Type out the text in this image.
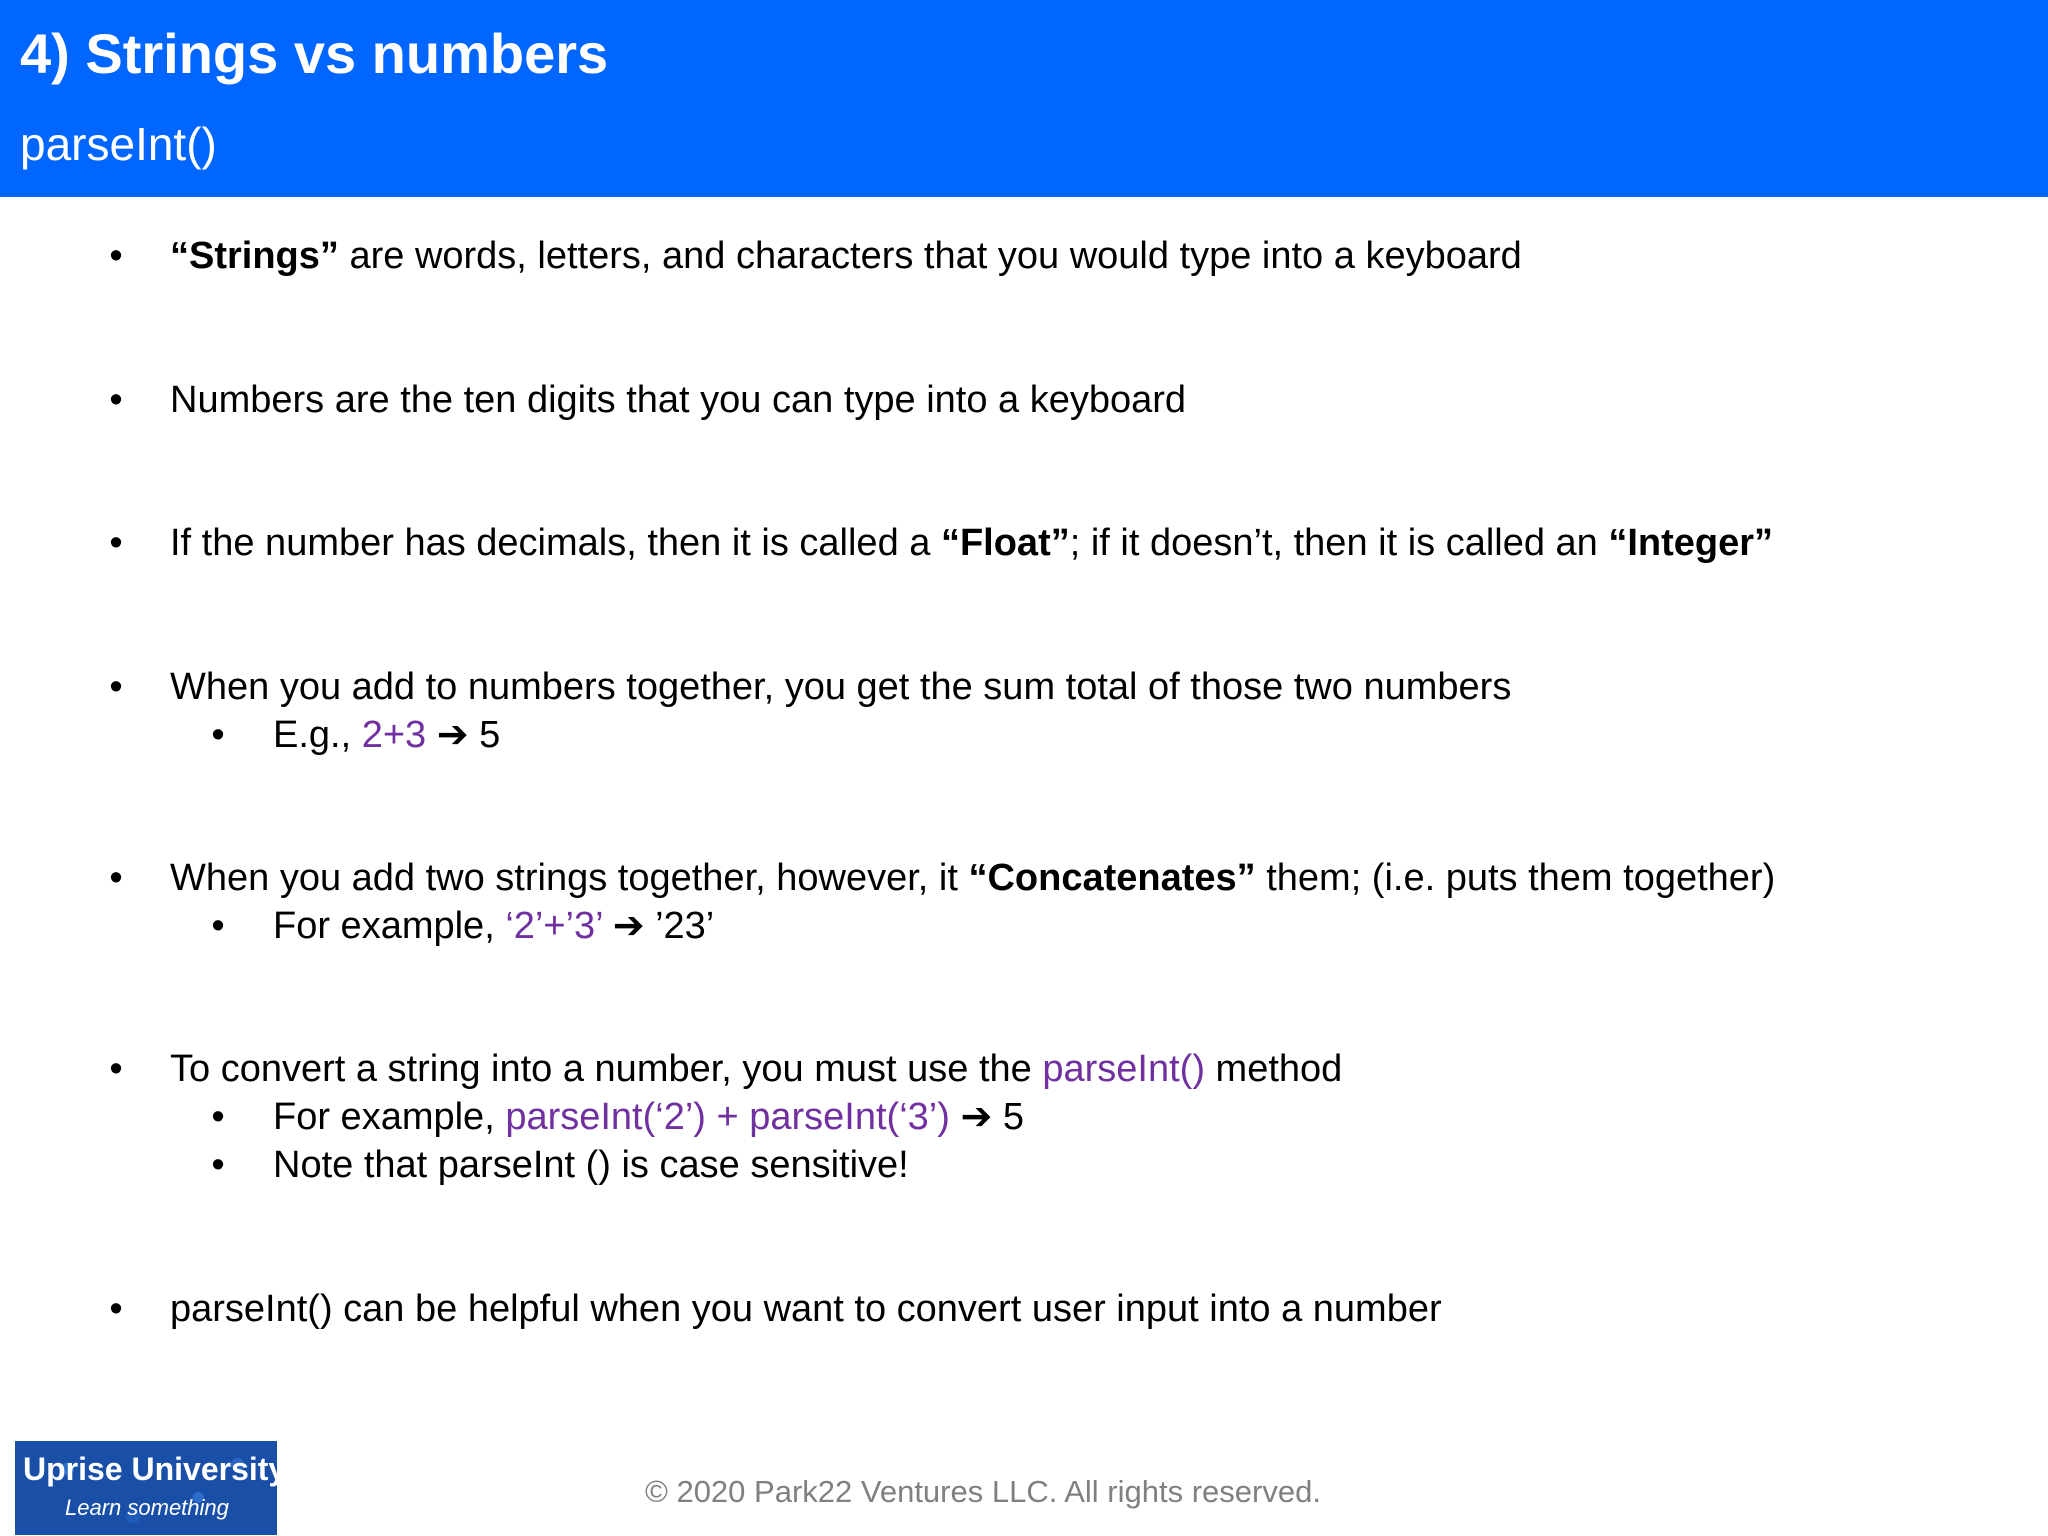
4) Strings vs numbers
parseInt()
• “Strings” are words, letters, and characters that you would type into a keyboard
• Numbers are the ten digits that you can type into a keyboard
• If the number has decimals, then it is called a “Float”; if it doesn’t, then it is called an “Integer”
• When you add to numbers together, you get the sum total of those two numbers
• E.g., 2+3 ➔ 5
• When you add two strings together, however, it “Concatenates” them; (i.e. puts them together)
• For example, ‘2’+’3’ ➔ ’23’
• To convert a string into a number, you must use the parseInt() method
• For example, parseInt(‘2’) + parseInt(‘3’) ➔ 5
• Note that parseInt () is case sensitive!
• parseInt() can be helpful when you want to convert user input into a number
Uprise University
Learn something	© 2020 Park22 Ventures LLC. All rights reserved.
